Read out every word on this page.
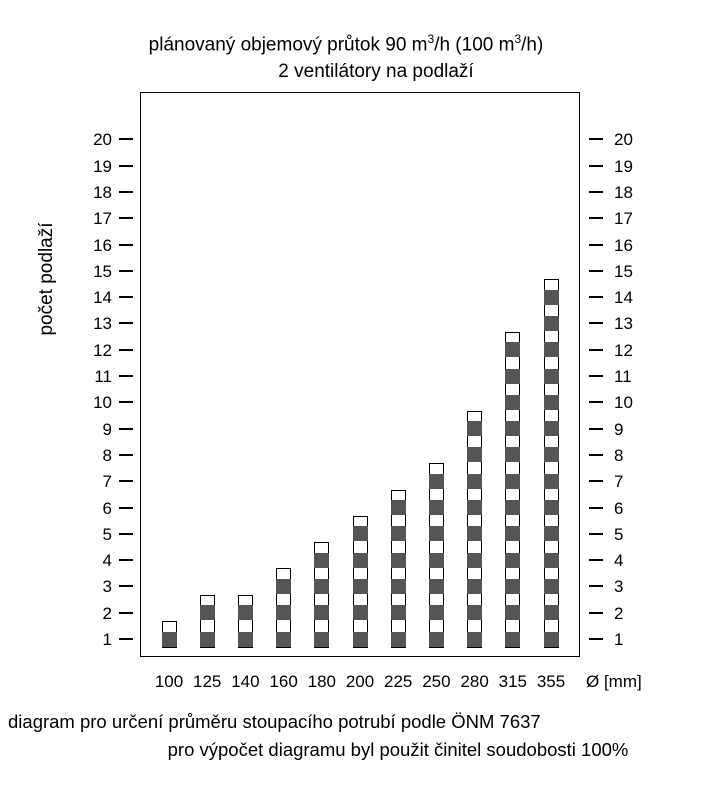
plánovaný objemový průtok 90 $m^3/h$ (100 $m^3/h$)
2 ventilátory na podlaží
počet podlaží
1	1
2	2
3	3
4	4
5	5
6	6
7	7
8	8
9	9
10	10
11	11
12	12
13	13
14	14
15	15
16	16
17	17
18	18
19	19
20	20
100 125 140 160 180 200 225 250 280 315 355	Ø [mm]
diagram pro určení průměru stoupacího potrubí podle ÖNM 7637
pro výpočet diagramu byl použit činitel soudobosti 100%
